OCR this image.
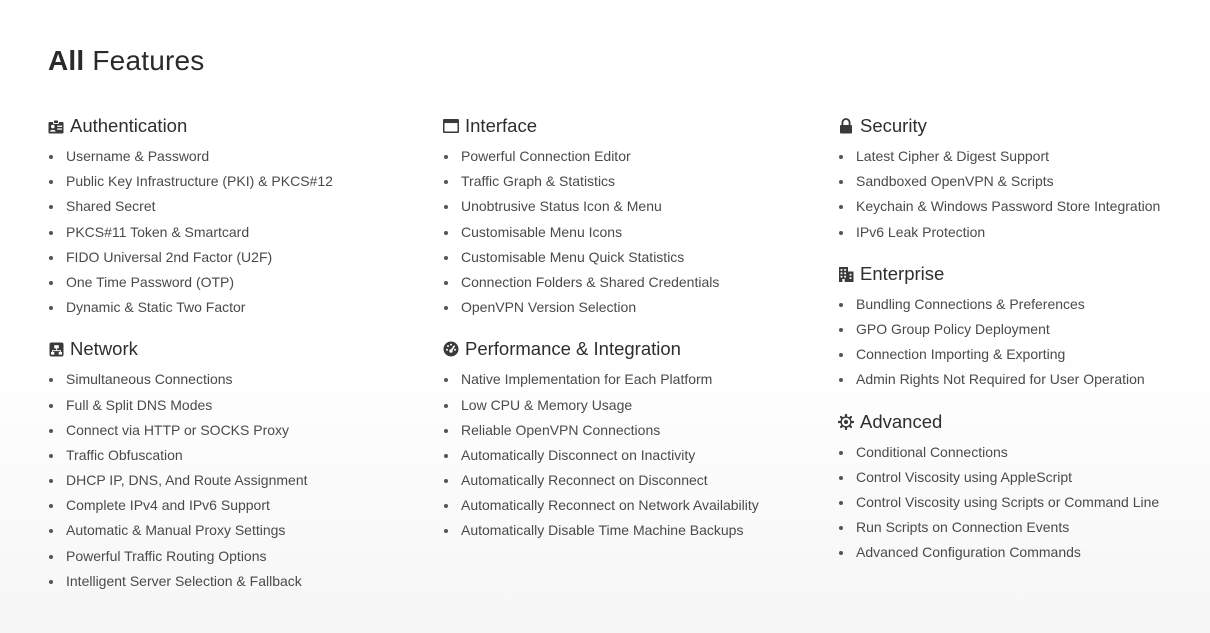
All Features
Authentication
Username & Password
Public Key Infrastructure (PKI) & PKCS#12
Shared Secret
PKCS#11 Token & Smartcard
FIDO Universal 2nd Factor (U2F)
One Time Password (OTP)
Dynamic & Static Two Factor
Network
Simultaneous Connections
Full & Split DNS Modes
Connect via HTTP or SOCKS Proxy
Traffic Obfuscation
DHCP IP, DNS, And Route Assignment
Complete IPv4 and IPv6 Support
Automatic & Manual Proxy Settings
Powerful Traffic Routing Options
Intelligent Server Selection & Fallback
Interface
Powerful Connection Editor
Traffic Graph & Statistics
Unobtrusive Status Icon & Menu
Customisable Menu Icons
Customisable Menu Quick Statistics
Connection Folders & Shared Credentials
OpenVPN Version Selection
Performance & Integration
Native Implementation for Each Platform
Low CPU & Memory Usage
Reliable OpenVPN Connections
Automatically Disconnect on Inactivity
Automatically Reconnect on Disconnect
Automatically Reconnect on Network Availability
Automatically Disable Time Machine Backups
Security
Latest Cipher & Digest Support
Sandboxed OpenVPN & Scripts
Keychain & Windows Password Store Integration
IPv6 Leak Protection
Enterprise
Bundling Connections & Preferences
GPO Group Policy Deployment
Connection Importing & Exporting
Admin Rights Not Required for User Operation
Advanced
Conditional Connections
Control Viscosity using AppleScript
Control Viscosity using Scripts or Command Line
Run Scripts on Connection Events
Advanced Configuration Commands
